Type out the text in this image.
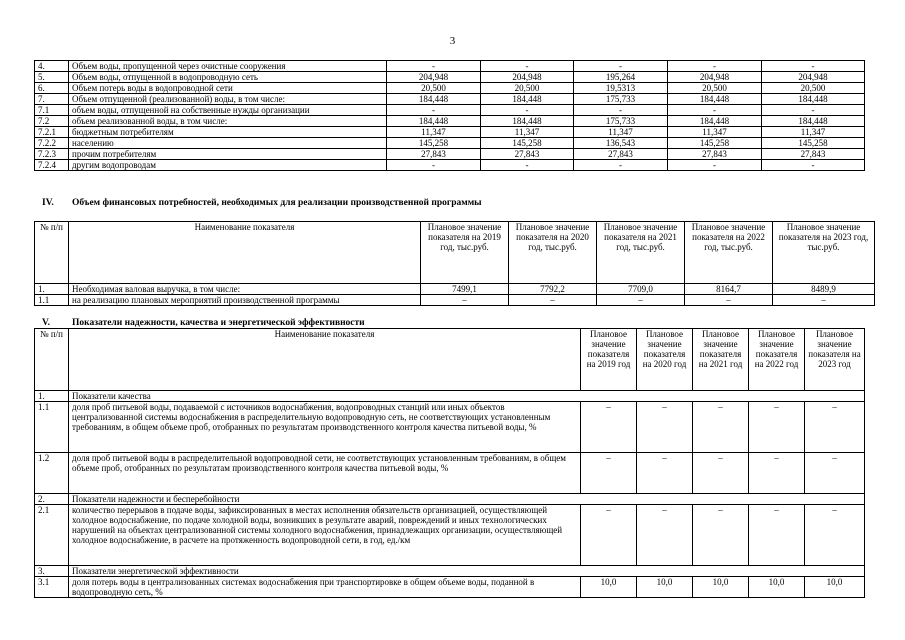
3
4.	Объем воды, пропущенной через очистные сооружения	-	-	-	-	-
5.	Объем воды, отпущенной в водопроводную сеть	204,948	204,948	195,264	204,948	204,948
6.	Объем потерь воды в водопроводной сети	20,500	20,500	19,5313	20,500	20,500
7.	Объем отпущенной (реализованной) воды, в том числе:	184,448	184,448	175,733	184,448	184,448
7.1	объем воды, отпущенной на собственные нужды организации	-	-	-	-	-
7.2	объем реализованной воды, в том числе:	184,448	184,448	175,733	184,448	184,448
7.2.1	бюджетным потребителям	11,347	11,347	11,347	11,347	11,347
7.2.2	населению	145,258	145,258	136,543	145,258	145,258
7.2.3	прочим потребителям	27,843	27,843	27,843	27,843	27,843
7.2.4	другим водопроводам	-	-	-	-	-
IV. Объем финансовых потребностей, необходимых для реализации производственной программы
№ п/п	Наименование показателя	Плановое значение показателя на 2019 год, тыс.руб.	Плановое значение показателя на 2020 год, тыс.руб.	Плановое значение показателя на 2021 год, тыс.руб.	Плановое значение показателя на 2022 год, тыс.руб.	Плановое значение показателя на 2023 год, тыс.руб.
1.	Необходимая валовая выручка, в том числе:	7499,1	7792,2	7709,0	8164,7	8489,9
1.1	на реализацию плановых мероприятий производственной программы	–	–	–	–	–
V. Показатели надежности, качества и энергетической эффективности
№ п/п	Наименование показателя	Плановое значение показателя на 2019 год	Плановое значение показателя на 2020 год	Плановое значение показателя на 2021 год	Плановое значение показателя на 2022 год	Плановое значение показателя на 2023 год
1.	Показатели качества					
1.1	доля проб питьевой воды, подаваемой с источников водоснабжения, водопроводных станций или иных объектов централизованной системы водоснабжения в распределительную водопроводную сеть, не соответствующих установленным требованиям, в общем объеме проб, отобранных по результатам производственного контроля качества питьевой воды, %	–	–	–	–	–
1.2	доля проб питьевой воды в распределительной водопроводной сети, не соответствующих установленным требованиям, в общем объеме проб, отобранных по результатам производственного контроля качества питьевой воды, %	–	–	–	–	–
2.	Показатели надежности и бесперебойности					
2.1	количество перерывов в подаче воды, зафиксированных в местах исполнения обязательств организацией, осуществляющей холодное водоснабжение, по подаче холодной воды, возникших в результате аварий, повреждений и иных технологических нарушений на объектах централизованной системы холодного водоснабжения, принадлежащих организации, осуществляющей холодное водоснабжение, в расчете на протяженность водопроводной сети, в год, ед./км	–	–	–	–	–
3.	Показатели энергетической эффективности					
3.1	доля потерь воды в централизованных системах водоснабжения при транспортировке в общем объеме воды, поданной в водопроводную сеть, %	10,0	10,0	10,0	10,0	10,0
